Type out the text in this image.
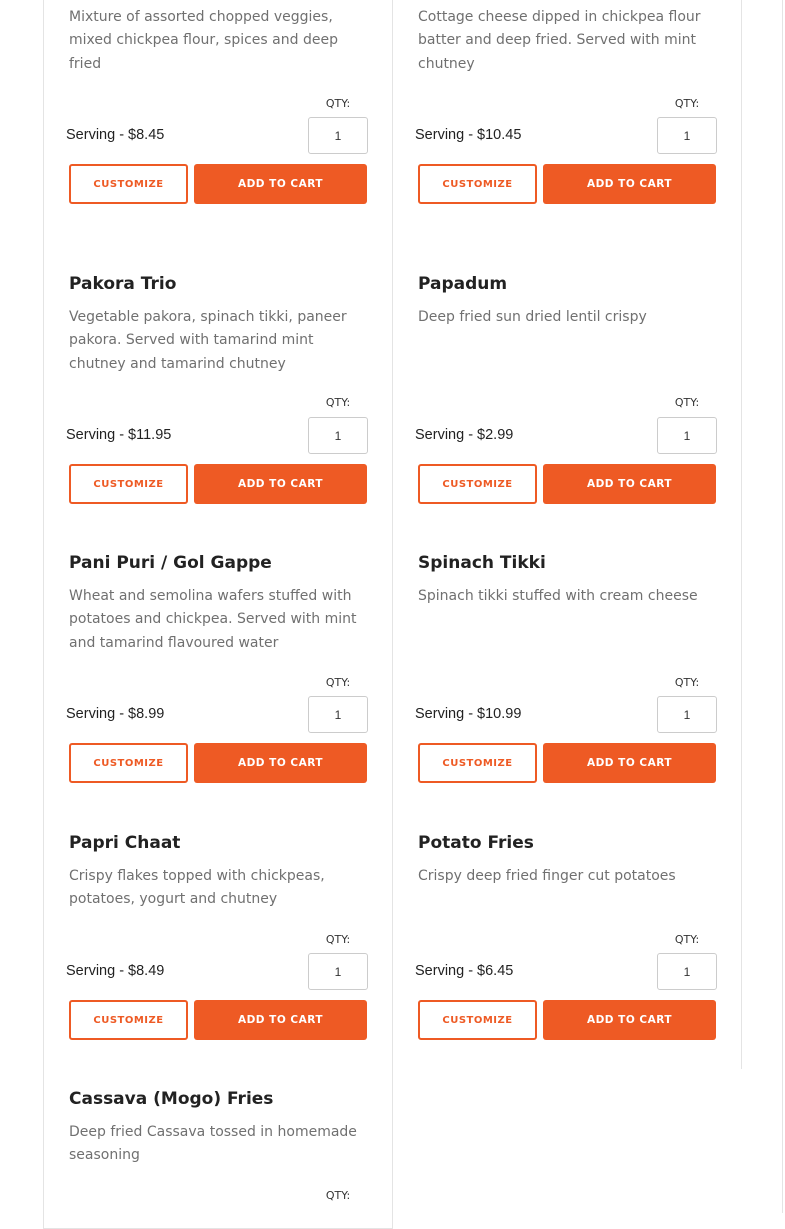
Mixture of assorted chopped veggies, mixed chickpea flour, spices and deep fried
QTY:
Serving - $8.45
1
CUSTOMIZE	ADD TO CART
Cottage cheese dipped in chickpea flour batter and deep fried. Served with mint chutney
QTY:
Serving - $10.45
1
CUSTOMIZE	ADD TO CART
Pakora Trio
Vegetable pakora, spinach tikki, paneer pakora. Served with tamarind mint chutney and tamarind chutney
QTY:
Serving - $11.95
1
CUSTOMIZE	ADD TO CART
Papadum
Deep fried sun dried lentil crispy
QTY:
Serving - $2.99
1
CUSTOMIZE	ADD TO CART
Pani Puri / Gol Gappe
Wheat and semolina wafers stuffed with potatoes and chickpea. Served with mint and tamarind flavoured water
QTY:
Serving - $8.99
1
CUSTOMIZE	ADD TO CART
Spinach Tikki
Spinach tikki stuffed with cream cheese
QTY:
Serving - $10.99
1
CUSTOMIZE	ADD TO CART
Papri Chaat
Crispy flakes topped with chickpeas, potatoes, yogurt and chutney
QTY:
Serving - $8.49
1
CUSTOMIZE	ADD TO CART
Potato Fries
Crispy deep fried finger cut potatoes
QTY:
Serving - $6.45
1
CUSTOMIZE	ADD TO CART
Cassava (Mogo) Fries
Deep fried Cassava tossed in homemade seasoning
QTY:
